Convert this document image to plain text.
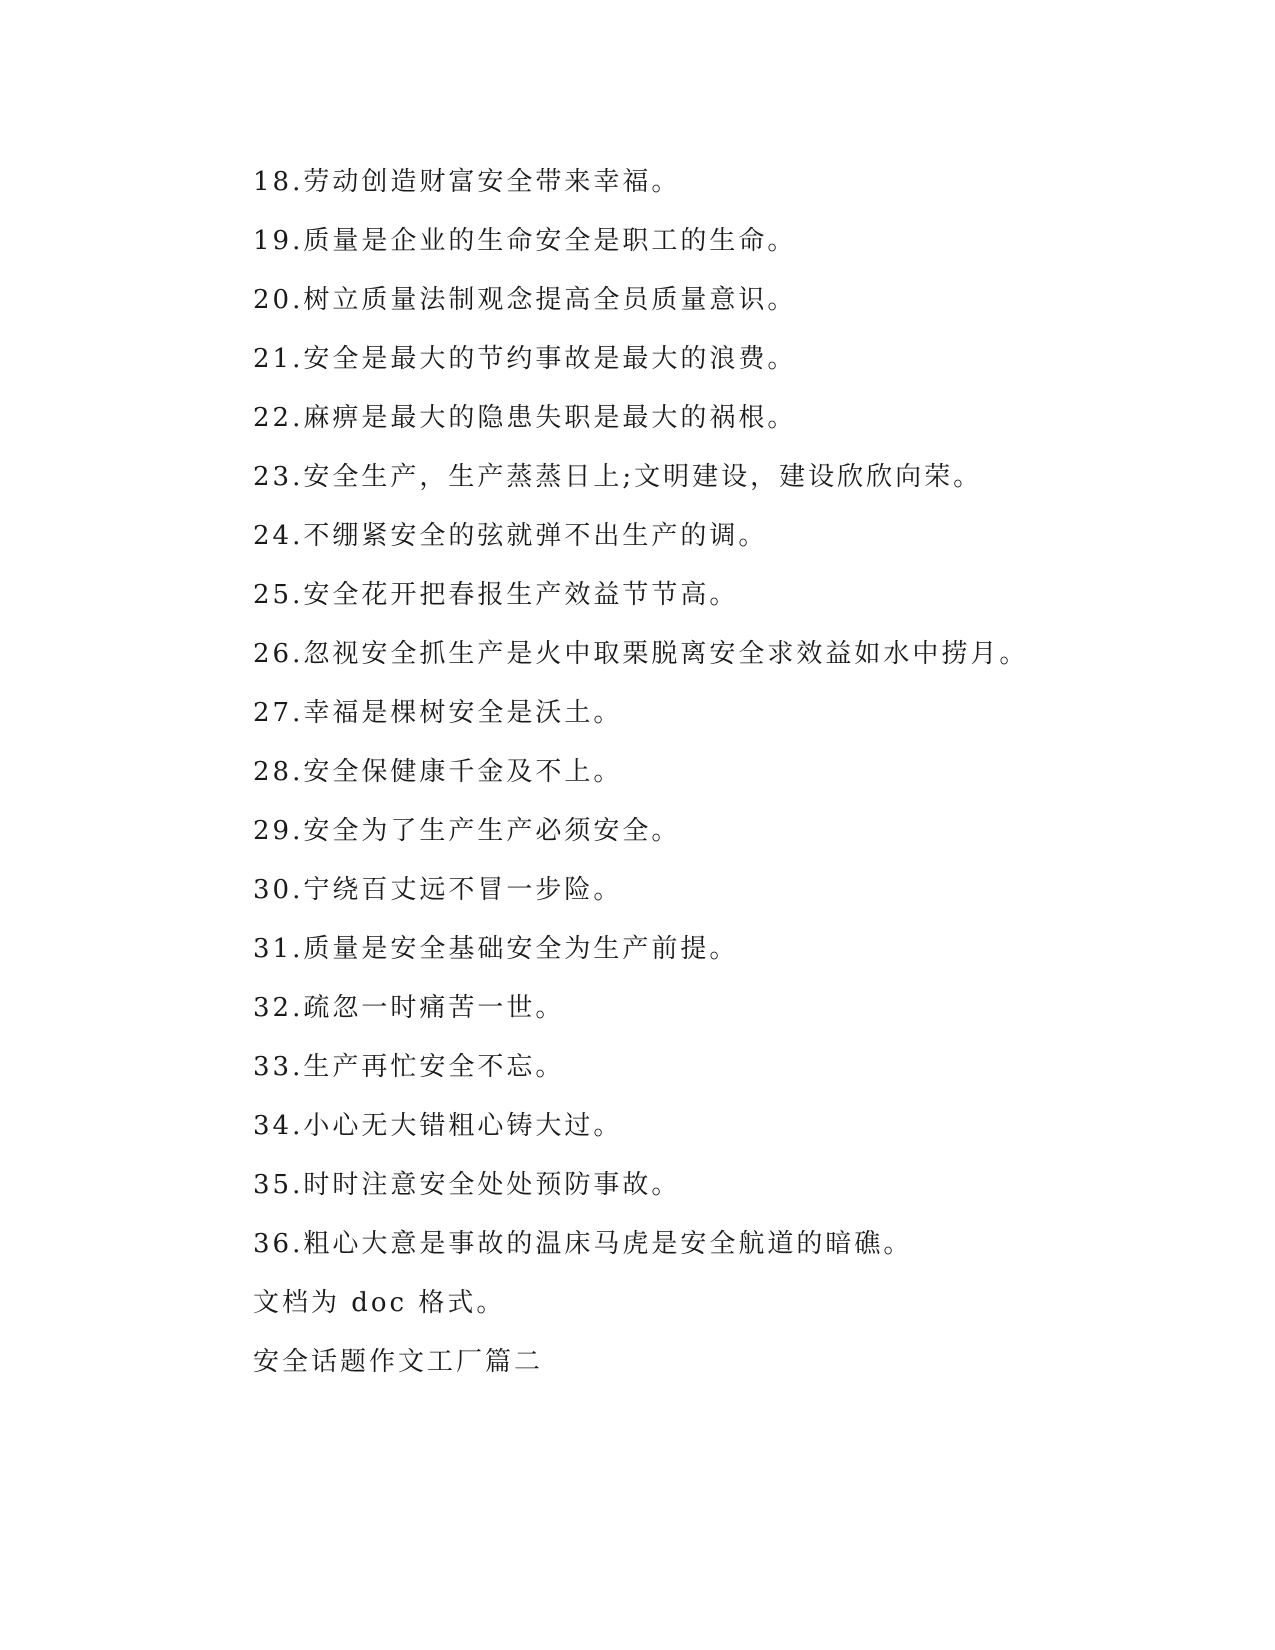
18.劳动创造财富安全带来幸福。
19.质量是企业的生命安全是职工的生命。
20.树立质量法制观念提高全员质量意识。
21.安全是最大的节约事故是最大的浪费。
22.麻痹是最大的隐患失职是最大的祸根。
23.安全生产，生产蒸蒸日上;文明建设，建设欣欣向荣。
24.不绷紧安全的弦就弹不出生产的调。
25.安全花开把春报生产效益节节高。
26.忽视安全抓生产是火中取栗脱离安全求效益如水中捞月。
27.幸福是棵树安全是沃土。
28.安全保健康千金及不上。
29.安全为了生产生产必须安全。
30.宁绕百丈远不冒一步险。
31.质量是安全基础安全为生产前提。
32.疏忽一时痛苦一世。
33.生产再忙安全不忘。
34.小心无大错粗心铸大过。
35.时时注意安全处处预防事故。
36.粗心大意是事故的温床马虎是安全航道的暗礁。
文档为 doc 格式。
安全话题作文工厂篇二
